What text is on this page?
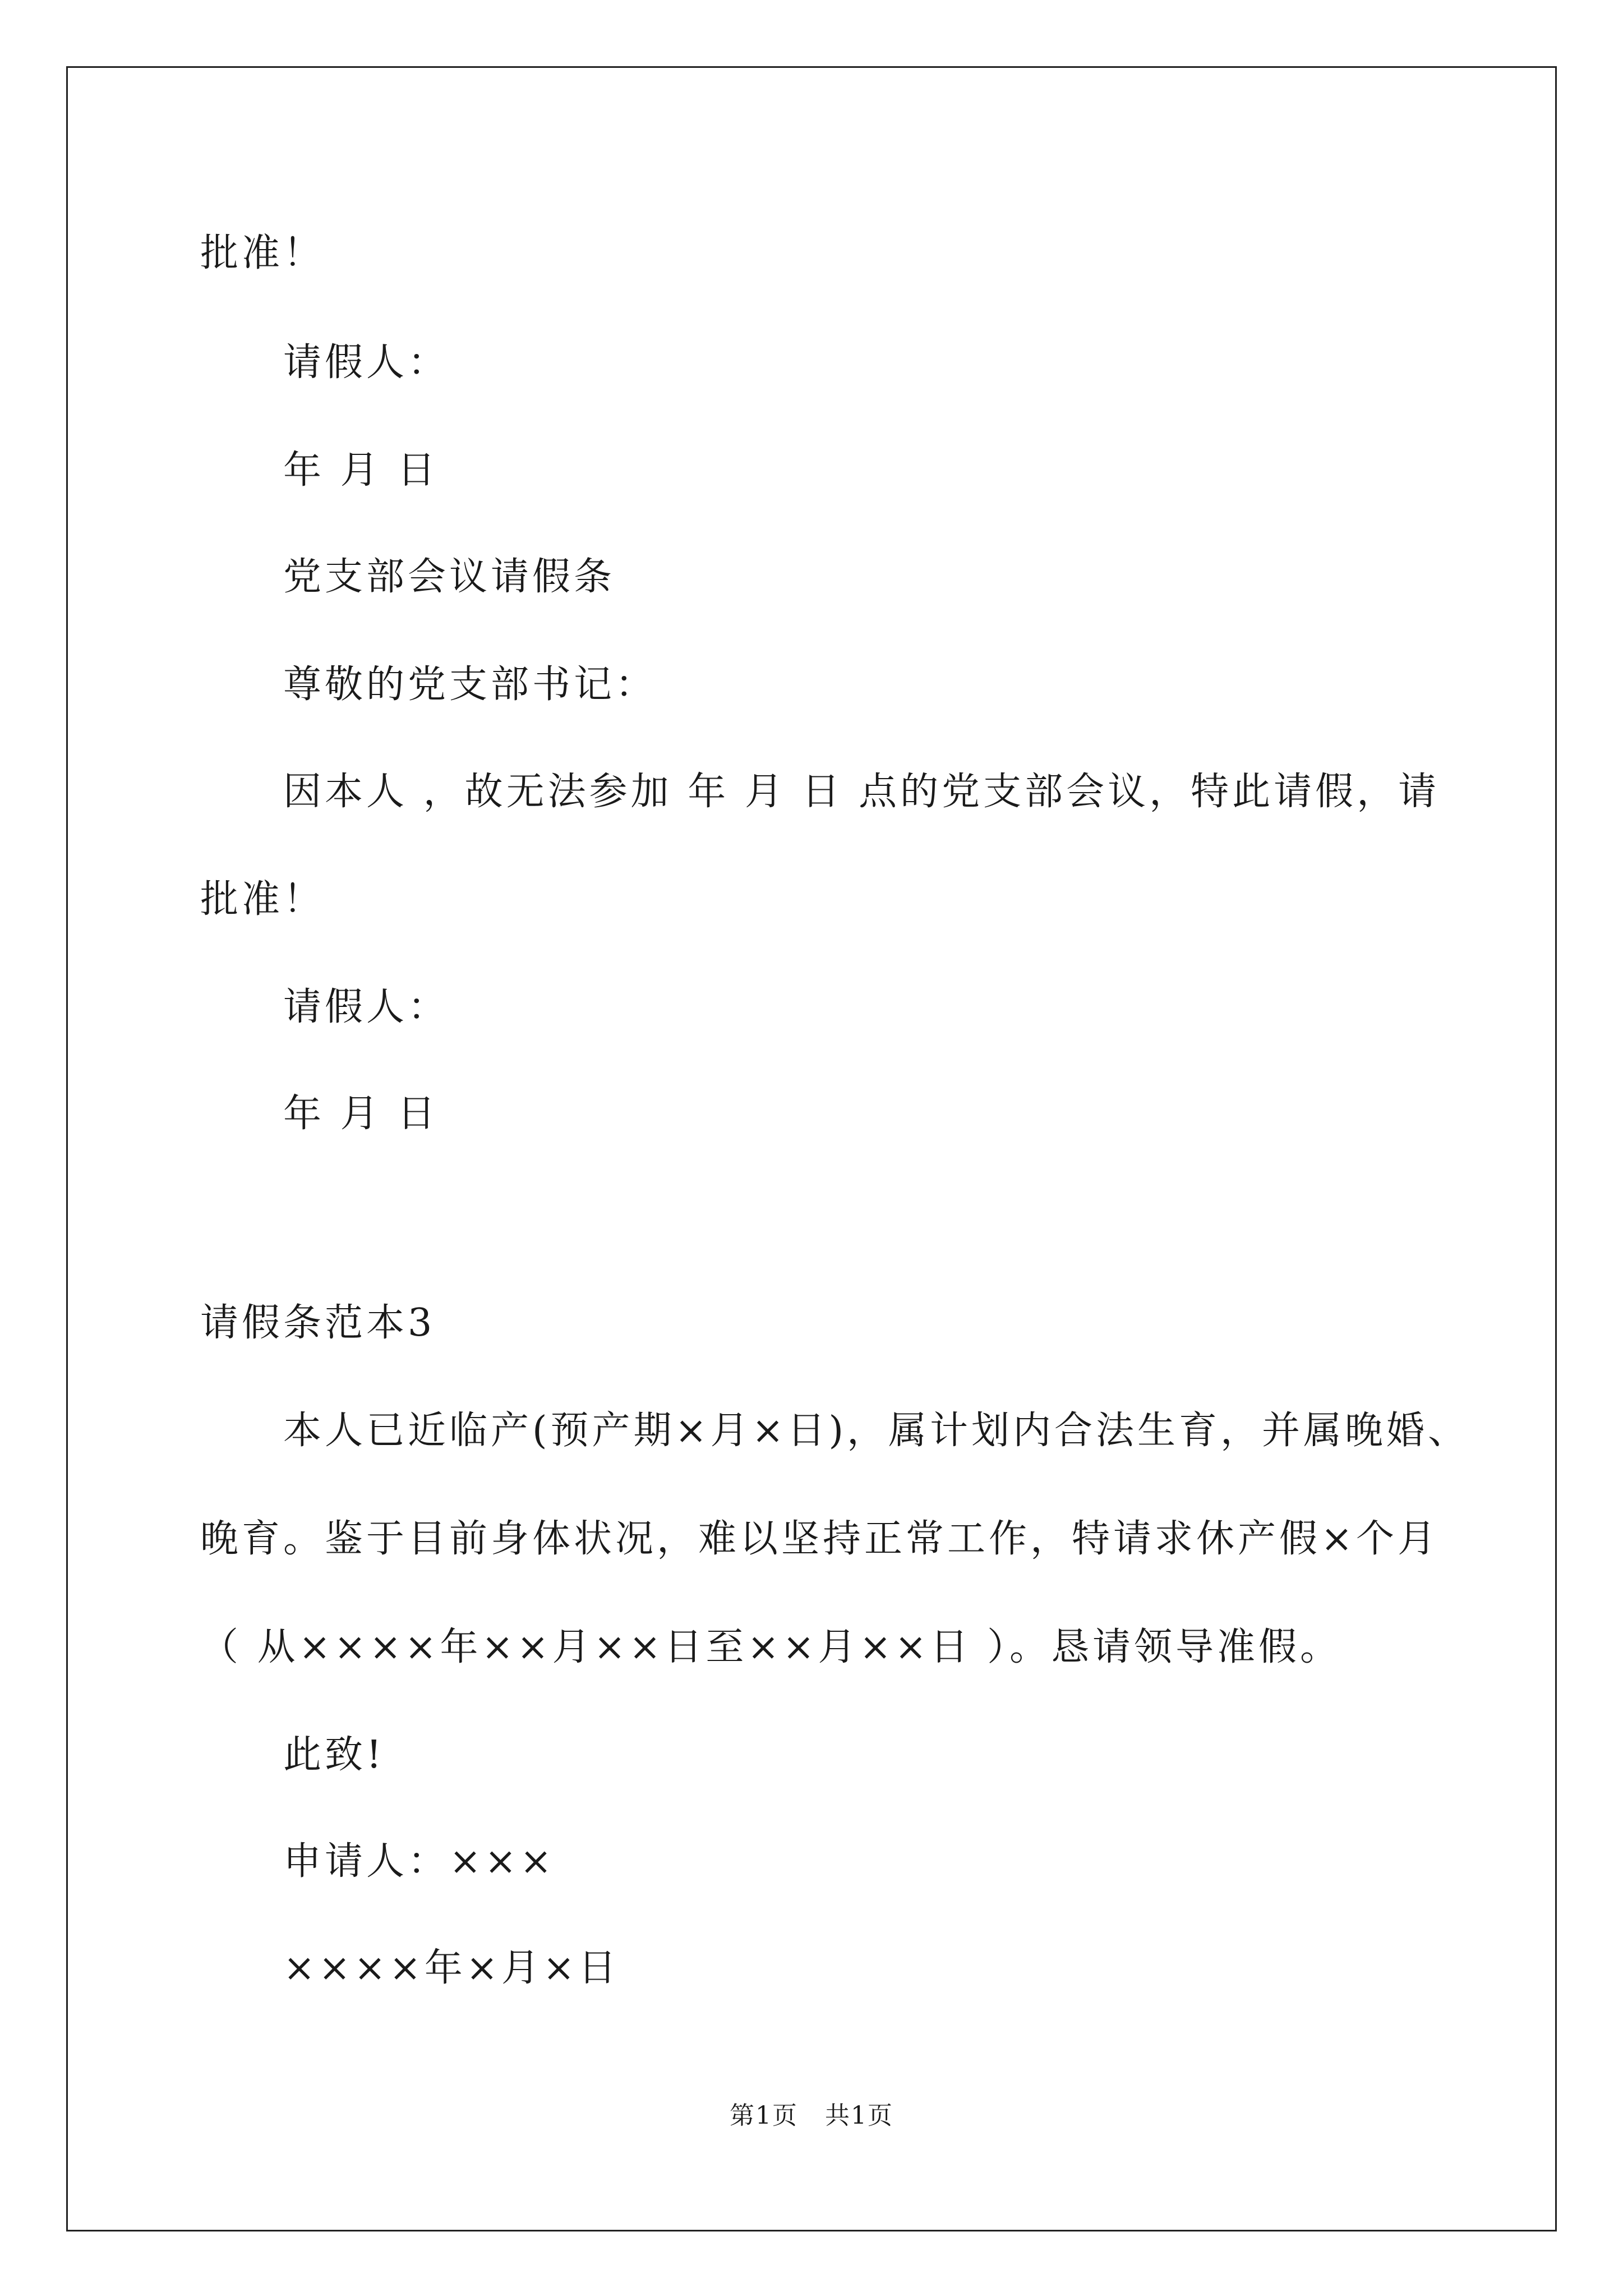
批准！
请假人：
年 月 日
党支部会议请假条
尊敬的党支部书记：
因本人 ，故无法参加 年 月 日 点的党支部会议，特此请假，请
批准！
请假人：
年 月 日
请假条范本3
本人已近临产(预产期×月×日)，属计划内合法生育，并属晚婚、
晚育。鉴于目前身体状况，难以坚持正常工作，特请求休产假×个月
（ 从××××年××月××日至××月××日 ）。恳请领导准假。
此致!
申请人：×××
××××年×月×日
第1页   共1页
